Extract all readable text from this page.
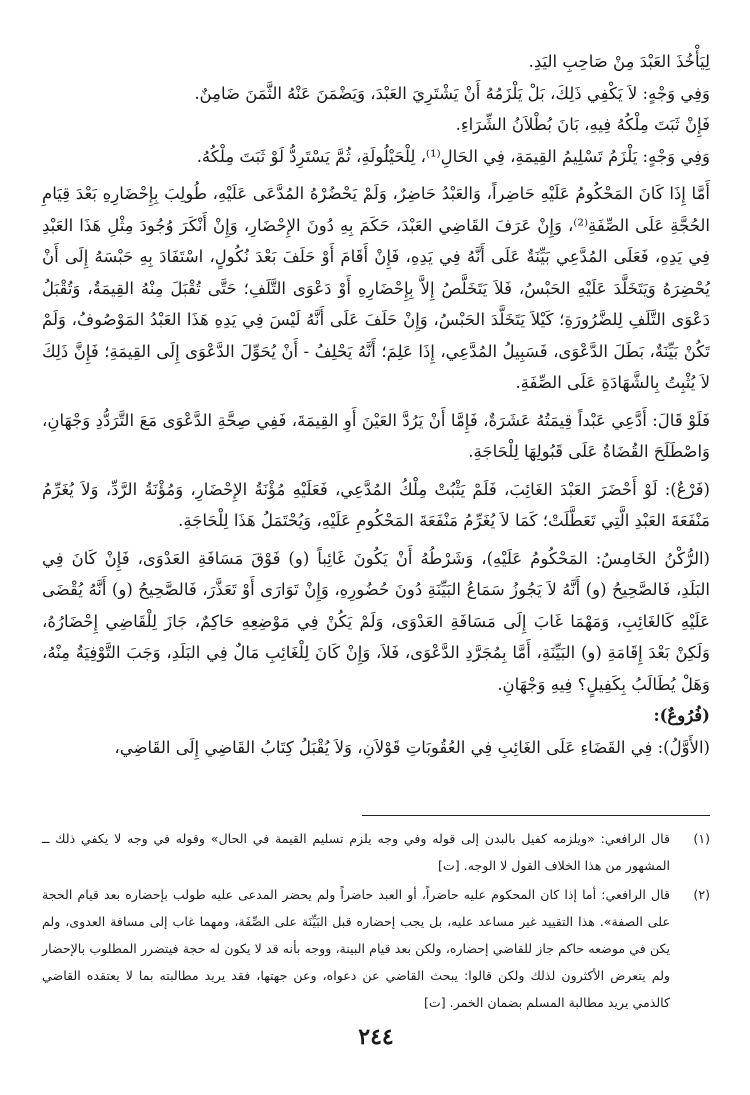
لِيَأْخُذَ العَبْدَ مِنْ صَاحِبِ اليَدِ.

وَفِي وَجْهٍ: لاَ يَكْفِي ذَلِكَ، بَلْ يَلْزَمُهُ أَنْ يَشْتَرِيَ العَبْدَ، وَيَضْمَنَ عَنْهُ الثَّمَنَ ضَامِنٌ.

فَإِنْ ثَبَتَ مِلْكُهُ فِيهِ، بَانَ بُطْلاَنُ الشِّرَاءِ.

وَفِي وَجْهٍ: يَلْزَمُ تَسْلِيمُ القِيمَةِ، فِي الحَالِ⁽¹⁾، لِلْحَيْلُولَةِ، ثُمَّ يَسْتَرِدُّ لَوْ ثَبَتَ مِلْكُهُ.

أَمَّا إِذَا كَانَ المَحْكُومُ عَلَيْهِ حَاضِراً، وَالعَبْدُ حَاضِرٌ، وَلَمْ يَحْضُرْهُ المُدَّعَى عَلَيْهِ، طُولِبَ بِإِحْضَارِهِ بَعْدَ قِيَامِ الحُجَّةِ عَلَى الصِّفَةِ⁽²⁾، وَإِنْ عَرَفَ القَاضِي العَبْدَ، حَكَمَ بِهِ دُونَ الإِحْضَارِ، وَإِنْ أَنْكَرَ وُجُودَ مِثْلِ هَذَا العَبْدِ فِي يَدِهِ، فَعَلَى المُدَّعِي بَيِّنَةٌ عَلَى أَنَّهُ فِي يَدِهِ، فَإِنْ أَقَامَ أَوْ حَلَفَ بَعْدَ نُكُولٍ، اسْتَفَادَ بِهِ حَبْسَهُ إِلَى أَنْ يُحْضِرَهُ وَيَتَخَلَّدَ عَلَيْهِ الحَبْسُ، فَلاَ يَتَخَلَّصُ إِلاَّ بِإِحْضَارِهِ أَوْ دَعْوَى التَّلَفِ؛ حَتَّى تُقْبَلَ مِنْهُ القِيمَةُ، وَتُقْبَلُ دَعْوَى التَّلَفِ لِلضَّرُورَةِ؛ كَيْلاَ يَتَخَلَّدَ الحَبْسُ، وَإِنْ حَلَفَ عَلَى أَنَّهُ لَيْسَ فِي يَدِهِ هَذَا العَبْدُ المَوْصُوفُ، وَلَمْ تَكُنْ بَيِّنَةٌ، بَطَلَ الدَّعْوَى، فَسَبِيلُ المُدَّعِي، إِذَا عَلِمَ؛ أَنَّهُ يَحْلِفُ - أَنْ يُحَوِّلَ الدَّعْوَى إِلَى القِيمَةِ؛ فَإِنَّ ذَلِكَ لاَ يُثْبِتُ بِالشَّهَادَةِ عَلَى الصِّفَةِ.

فَلَوْ قَالَ: أَدَّعِي عَبْداً قِيمَتُهُ عَشَرَةٌ، فَإِمَّا أَنْ يَرُدَّ العَيْنَ أَوِ القِيمَةَ، فَفِي صِحَّةِ الدَّعْوَى مَعَ التَّرَدُّدِ وَجْهَانِ، وَاصْطَلَحَ القُضَاةُ عَلَى قَبُولِهَا لِلْحَاجَةِ.

(فَرْعٌ): لَوْ أَحْضَرَ العَبْدَ الغَائِبَ، فَلَمْ يَثْبُتْ مِلْكُ المُدَّعِي، فَعَلَيْهِ مُؤْنَةُ الإِحْضَارِ، وَمُؤْنَةُ الرَّدِّ، وَلاَ يُغَرِّمُ مَنْفَعَةَ العَبْدِ الَّتِي تَعَطَّلَتْ؛ كَمَا لاَ يُغَرِّمُ مَنْفَعَةَ المَحْكُومِ عَلَيْهِ، وَيُحْتَمَلُ هَذَا لِلْحَاجَةِ.

(الرُّكْنُ الخَامِسُ: المَحْكُومُ عَلَيْهِ)، وَشَرْطُهُ أَنْ يَكُونَ غَائِباً (و) فَوْقَ مَسَافَةِ العَدْوَى، فَإِنْ كَانَ فِي البَلَدِ، فَالصَّحِيحُ (و) أَنَّهُ لاَ يَجُوزُ سَمَاعُ البَيِّنَةِ دُونَ حُضُورِهِ، وَإِنْ تَوَارَى أَوْ تَعَذَّرَ، فَالصَّحِيحُ (و) أَنَّهُ يُقْضَى عَلَيْهِ كَالغَائِبِ، وَمَهْمَا غَابَ إِلَى مَسَافَةِ العَدْوَى، وَلَمْ يَكُنْ فِي مَوْضِعِهِ حَاكِمٌ، جَازَ لِلْقَاضِي إِحْضَارُهُ، وَلَكِنْ بَعْدَ إِقَامَةِ (و) البَيِّنَةِ، أَمَّا بِمُجَرَّدِ الدَّعْوَى، فَلاَ، وَإِنْ كَانَ لِلْغَائِبِ مَالٌ فِي البَلَدِ، وَجَبَ التَّوْفِيَةُ مِنْهُ، وَهَلْ يُطَالَبُ بِكَفِيلٍ؟ فِيهِ وَجْهَانِ.

(فُرُوعٌ):

(الأَوَّلُ): فِي القَضَاءِ عَلَى الغَائِبِ فِي العُقُوبَاتِ قَوْلاَنِ، وَلاَ يُقْبَلُ كِتَابُ القَاضِي إِلَى القَاضِي،

(١)
قال الرافعي: «ويلزمه كفيل بالبدن إلى قوله وفي وجه يلزم تسليم القيمة في الحال» وقوله في وجه لا يكفي ذلك ــ المشهور من هذا الخلاف القول لا الوجه. [ت]
(٢)
قال الرافعي: أما إذا كان المحكوم عليه حاضراً، أو العبد حاضراً ولم يحضر المدعى عليه طولب بإحضاره بعد قيام الحجة على الصفة». هذا التقييد غير مساعد عليه، بل يجب إحضاره قبل البَيِّنَة على الصِّفَة، ومهما غاب إلى مسافة العدوى، ولم يكن في موضعه حاكم جاز للقاضي إحضاره، ولكن بعد قيام البينة، ووجه بأنه قد لا يكون له حجة فيتضرر المطلوب بالإحضار ولم يتعرض الأكثرون لذلك ولكن قالوا: يبحث القاضي عن دعواه، وعن جهتها، فقد يريد مطالبته بما لا يعتقده القاضي كالذمي يريد مطالبة المسلم بضمان الخمر. [ت]
٢٤٤
